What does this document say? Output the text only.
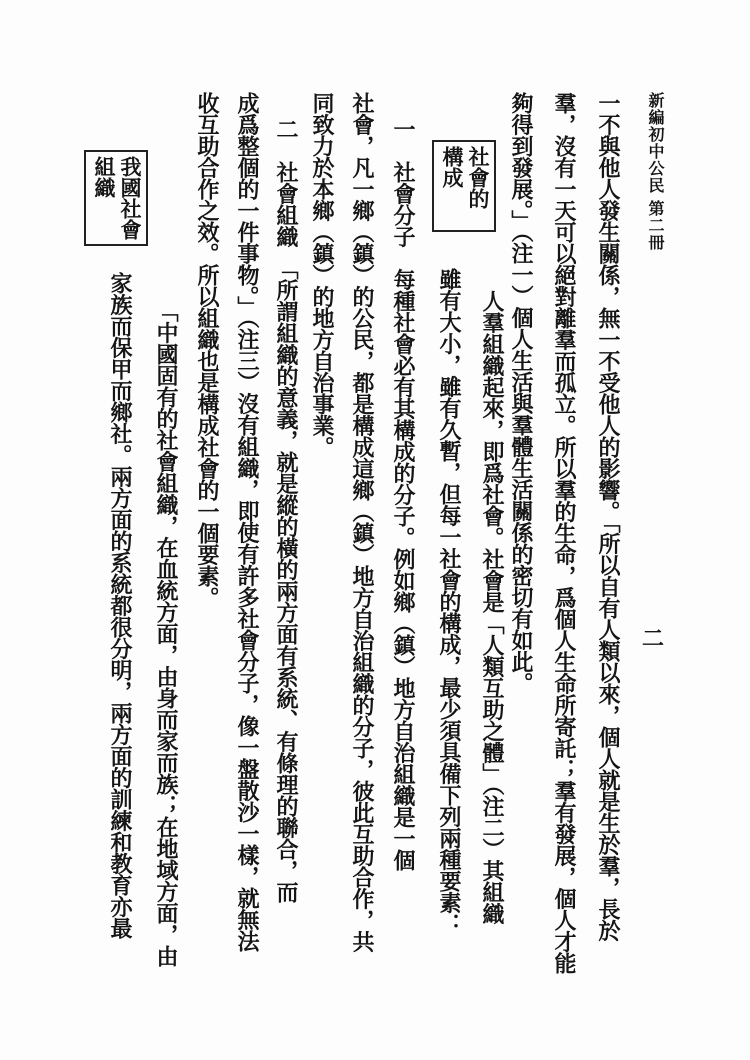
新編初中公民
第二冊
二
一不與他人發生關係，無一不受他人的影響。「所以自有人類以來，個人就是生於羣，長於
羣，沒有一天可以絕對離羣而孤立。所以羣的生命，爲個人生命所寄託；羣有發展，個人才能
夠得到發展。」（注一）個人生活與羣體生活關係的密切有如此。
社會的構成
人羣組織起來，即爲社會。社會是「人類互助之體」（注二）其組織
雖有大小，雖有久暫，但每一社會的構成，最少須具備下列兩種要素：
一　社會分子　每種社會必有其構成的分子。例如鄉（鎮）地方自治組織是一個
社會，凡一鄉（鎮）的公民，都是構成這鄉（鎮）地方自治組織的分子，彼此互助合作，共
同致力於本鄉（鎮）的地方自治事業。
二　社會組織　「所謂組織的意義，就是縱的橫的兩方面有系統、有條理的聯合，而
成爲整個的一件事物。」（注三）沒有組織，即使有許多社會分子，像一盤散沙一樣，就無法
收互助合作之效。所以組織也是構成社會的一個要素。
我國社會組織
「中國固有的社會組織，在血統方面，由身而家而族；在地域方面，由
家族而保甲而鄉社。兩方面的系統都很分明，兩方面的訓練和教育亦最
